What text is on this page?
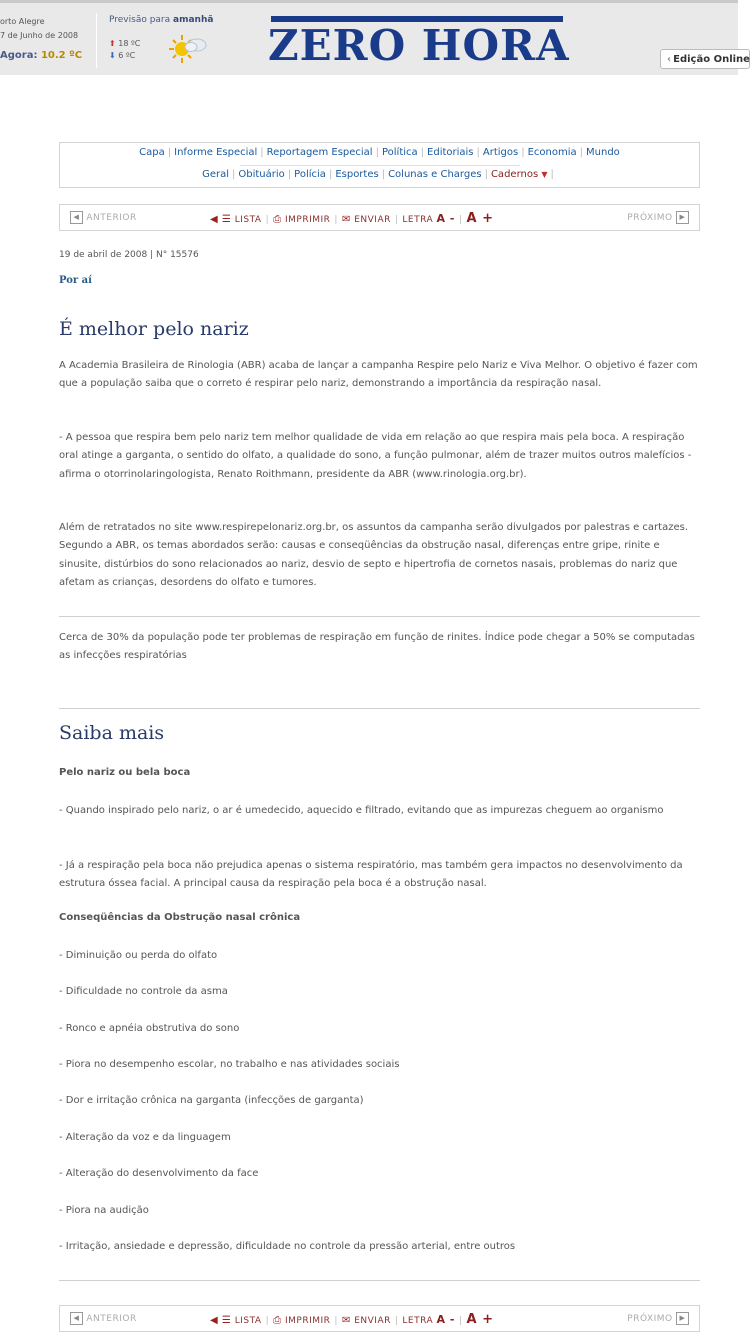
orto Alegre
7 de Junho de 2008
Agora: 10.2 ºC
Previsão para amanhã
⬆ 18 ºC
⬇ 6 ºC	ZERO HORA	‹ Edição Online
Capa | Informe Especial | Reportagem Especial | Política | Editoriais | Artigos | Economia | Mundo
Geral | Obituário | Polícia | Esportes | Colunas e Charges | Cadernos ▼ |
◀ ANTERIOR	◀ ☰ LISTA | ⎙ IMPRIMIR | ✉ ENVIAR | LETRA A - | A +	PRÓXIMO ▶
19 de abril de 2008 | N° 15576
Por aí
É melhor pelo nariz
A Academia Brasileira de Rinologia (ABR) acaba de lançar a campanha Respire pelo Nariz e Viva Melhor. O objetivo é fazer com que a população saiba que o correto é respirar pelo nariz, demonstrando a importância da respiração nasal.
- A pessoa que respira bem pelo nariz tem melhor qualidade de vida em relação ao que respira mais pela boca. A respiração oral atinge a garganta, o sentido do olfato, a qualidade do sono, a função pulmonar, além de trazer muitos outros malefícios - afirma o otorrinolaringologista, Renato Roithmann, presidente da ABR (www.rinologia.org.br).
Além de retratados no site www.respirepelonariz.org.br, os assuntos da campanha serão divulgados por palestras e cartazes. Segundo a ABR, os temas abordados serão: causas e conseqüências da obstrução nasal, diferenças entre gripe, rinite e sinusite, distúrbios do sono relacionados ao nariz, desvio de septo e hipertrofia de cornetos nasais, problemas do nariz que afetam as crianças, desordens do olfato e tumores.
Cerca de 30% da população pode ter problemas de respiração em função de rinites. Índice pode chegar a 50% se computadas as infecções respiratórias
Saiba mais
Pelo nariz ou bela boca
- Quando inspirado pelo nariz, o ar é umedecido, aquecido e filtrado, evitando que as impurezas cheguem ao organismo
- Já a respiração pela boca não prejudica apenas o sistema respiratório, mas também gera impactos no desenvolvimento da estrutura óssea facial. A principal causa da respiração pela boca é a obstrução nasal.
Conseqüências da Obstrução nasal crônica
- Diminuição ou perda do olfato
- Dificuldade no controle da asma
- Ronco e apnéia obstrutiva do sono
- Piora no desempenho escolar, no trabalho e nas atividades sociais
- Dor e irritação crônica na garganta (infecções de garganta)
- Alteração da voz e da linguagem
- Alteração do desenvolvimento da face
- Piora na audição
- Irritação, ansiedade e depressão, dificuldade no controle da pressão arterial, entre outros
◀ ANTERIOR	◀ ☰ LISTA | ⎙ IMPRIMIR | ✉ ENVIAR | LETRA A - | A +	PRÓXIMO ▶
